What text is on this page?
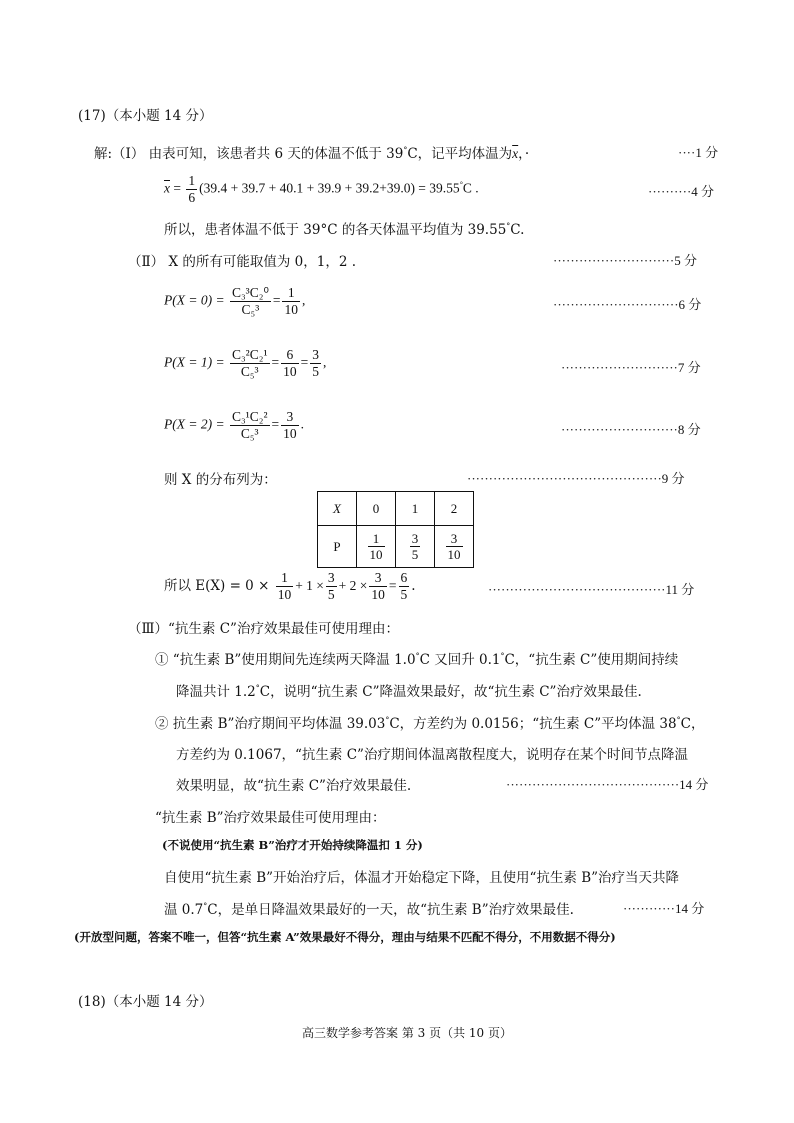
(17)（本小题 14 分）
解:（Ⅰ） 由表可知，该患者共 6 天的体温不低于 39°C，记平均体温为$\overline{x}$，·	····1 分
$\overline{x} = \frac{1}{6} (39.4 + 39.7 + 40.1 + 39.9 + 39.2+39.0) = 39.55^\circ C$ .	··········4 分
所以，患者体温不低于 39°C 的各天体温平均值为 39.55°C.
（Ⅱ） X 的所有可能取值为 0，1，2 .	····························5 分
$P(X = 0) = \frac{\text{C₃³C₂⁰}}{\text{C₅³}} = \frac{1}{10}$ ,	·····························6 分
$P(X = 1) = \frac{\text{C₃²C₂¹}}{\text{C₅³}} = \frac{6}{10} = \frac{3}{5}$ ,	···························7 分
$P(X = 2) = \frac{\text{C₃¹C₂²}}{\text{C₅³}} = \frac{3}{10}$ .	···························8 分
则 X 的分布列为：	·············································9 分
X	0	1	2
P	$\frac{1}{10}$	$\frac{3}{5}$	$\frac{3}{10}$
所以 $E(X) = 0 \times \frac{1}{10} + 1 \times \frac{3}{5} + 2 \times \frac{3}{10} = \frac{6}{5}$ .	·········································11 分
（Ⅲ）“抗生素 C”治疗效果最佳可使用理由：
① “抗生素 B”使用期间先连续两天降温 1.0°C 又回升 0.1°C，“抗生素 C”使用期间持续
降温共计 1.2°C，说明“抗生素 C”降温效果最好，故“抗生素 C”治疗效果最佳.
② 抗生素 B”治疗期间平均体温 39.03°C，方差约为 0.0156；“抗生素 C”平均体温 38°C，
方差约为 0.1067，“抗生素 C”治疗期间体温离散程度大，说明存在某个时间节点降温
效果明显，故“抗生素 C”治疗效果最佳.	········································14 分
“抗生素 B”治疗效果最佳可使用理由：
(不说使用“抗生素 B”治疗才开始持续降温扣 1 分)
自使用“抗生素 B”开始治疗后，体温才开始稳定下降，且使用“抗生素 B”治疗当天共降
温 0.7°C，是单日降温效果最好的一天，故“抗生素 B”治疗效果最佳.	············14 分
(开放型问题，答案不唯一，但答“抗生素 A”效果最好不得分，理由与结果不匹配不得分，不用数据不得分)
(18)（本小题 14 分）
高三数学参考答案 第 3 页（共 10 页）
